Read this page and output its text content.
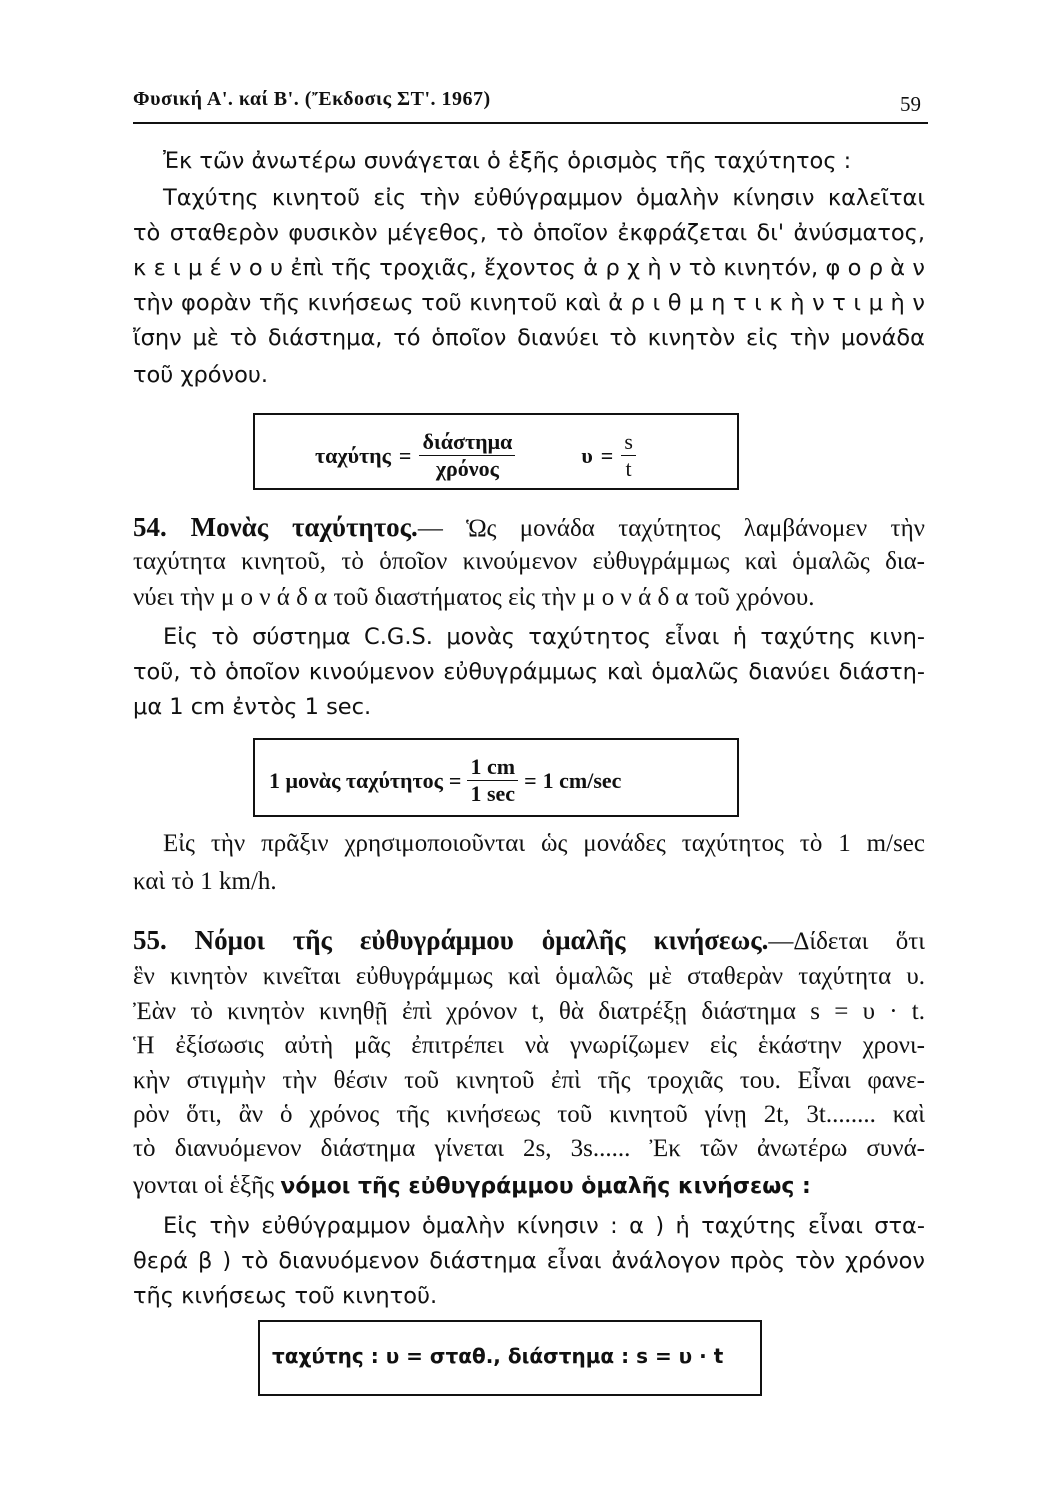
Φυσική Α'. καί Β'. (Ἔκδοσις ΣΤ'. 1967)	59
Ἐκ τῶν ἀνωτέρω συνάγεται ὁ ἑξῆς ὁρισμὸς τῆς ταχύτητος :
Ταχύτης κινητοῦ εἰς τὴν εὐθύγραμμον ὁμαλὴν κίνησιν καλεῖται
τὸ σταθερὸν φυσικὸν μέγεθος, τὸ ὁποῖον ἐκφράζεται δι' ἀνύσματος,
κ ε ι μ έ ν ο υ ἐπὶ τῆς τροχιᾶς, ἔχοντος ἀ ρ χ ὴ ν τὸ κινητόν, φ ο ρ ὰ ν
τὴν φορὰν τῆς κινήσεως τοῦ κινητοῦ καὶ ἀ ρ ι θ μ η τ ι κ ὴ ν τ ι μ ὴ ν
ἴσην μὲ τὸ διάστημα, τό ὁποῖον διανύει τὸ κινητὸν εἰς τὴν μονάδα
τοῦ χρόνου.
$\tau\alpha\chi ύ\tau\eta\varsigma = \frac{\text{διάστημα}}{\text{χρόνος}}$	$\upsilon = \frac{s}{t}$
54. Μονὰς ταχύτητος.— Ὡς μονάδα ταχύτητος λαμβάνομεν τὴν
ταχύτητα κινητοῦ, τὸ ὁποῖον κινούμενον εὐθυγράμμως καὶ ὁμαλῶς δια-
νύει τὴν μ ο ν ά δ α τοῦ διαστήματος εἰς τὴν μ ο ν ά δ α τοῦ χρόνου.
Εἰς τὸ σύστημα C.G.S. μονὰς ταχύτητος εἶναι ἡ ταχύτης κινη-
τοῦ, τὸ ὁποῖον κινούμενον εὐθυγράμμως καὶ ὁμαλῶς διανύει διάστη-
μα 1 cm ἐντὸς 1 sec.
1 μονὰς $\tau\alpha\chi ύ\tau\eta\tau o\varsigma = \frac{1 cm}{1 \sec} = 1$ cm/sec
Εἰς τὴν πρᾶξιν χρησιμοποιοῦνται ὡς μονάδες ταχύτητος τὸ 1 m/sec
καὶ τὸ 1 km/h.
55. Νόμοι τῆς εὐθυγράμμου ὁμαλῆς κινήσεως.—Δίδεται ὅτι
ἓν κινητὸν κινεῖται εὐθυγράμμως καὶ ὁμαλῶς μὲ σταθερὰν ταχύτητα υ.
Ἐὰν τὸ κινητὸν κινηθῇ ἐπὶ χρόνον t, θὰ διατρέξῃ διάστημα s = υ · t.
Ἡ ἐξίσωσις αὐτὴ μᾶς ἐπιτρέπει νὰ γνωρίζωμεν εἰς ἑκάστην χρονι-
κὴν στιγμὴν τὴν θέσιν τοῦ κινητοῦ ἐπὶ τῆς τροχιᾶς του. Εἶναι φανε-
ρὸν ὅτι, ἂν ὁ χρόνος τῆς κινήσεως τοῦ κινητοῦ γίνῃ 2t, 3t........ καὶ
τὸ διανυόμενον διάστημα γίνεται 2s, 3s...... Ἐκ τῶν ἀνωτέρω συνά-
γονται οἱ ἑξῆς νόμοι τῆς εὐθυγράμμου ὁμαλῆς κινήσεως :
Εἰς τὴν εὐθύγραμμον ὁμαλὴν κίνησιν : α ) ἡ ταχύτης εἶναι στα-
θερά β ) τὸ διανυόμενον διάστημα εἶναι ἀνάλογον πρὸς τὸν χρόνον
τῆς κινήσεως τοῦ κινητοῦ.
ταχύτης : υ = σταθ., διάστημα : s = υ · t
